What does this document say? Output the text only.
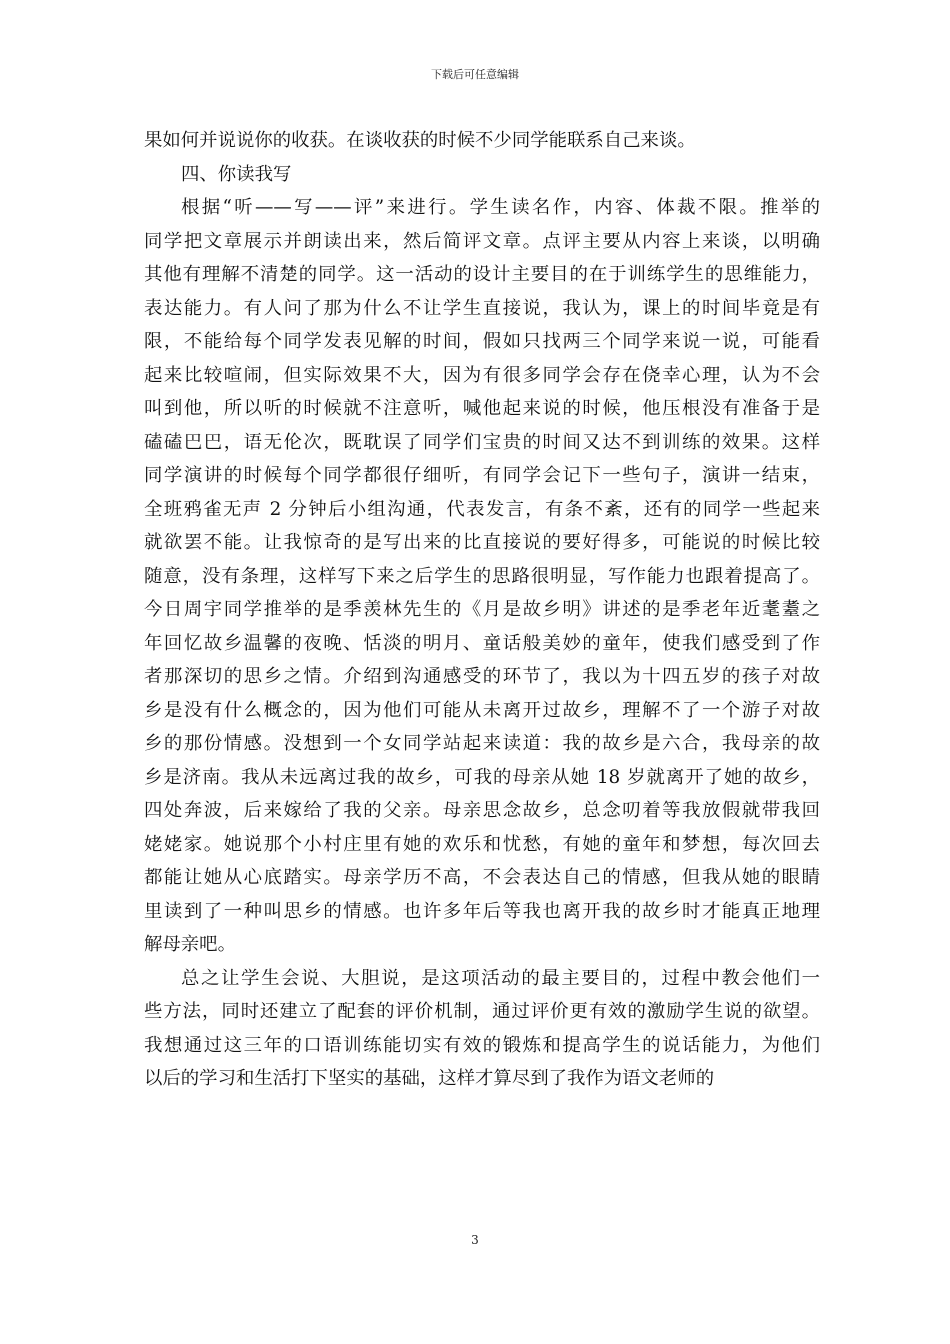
下载后可任意编辑
果如何并说说你的收获。在谈收获的时候不少同学能联系自己来谈。
四、你读我写
根据“听——写——评”来进行。学生读名作，内容、体裁不限。推举的
同学把文章展示并朗读出来，然后简评文章。点评主要从内容上来谈，以明确
其他有理解不清楚的同学。这一活动的设计主要目的在于训练学生的思维能力，
表达能力。有人问了那为什么不让学生直接说，我认为，课上的时间毕竟是有
限，不能给每个同学发表见解的时间，假如只找两三个同学来说一说，可能看
起来比较喧闹，但实际效果不大，因为有很多同学会存在侥幸心理，认为不会
叫到他，所以听的时候就不注意听，喊他起来说的时候，他压根没有准备于是
磕磕巴巴，语无伦次，既耽误了同学们宝贵的时间又达不到训练的效果。这样
同学演讲的时候每个同学都很仔细听，有同学会记下一些句子，演讲一结束，
全班鸦雀无声 2 分钟后小组沟通，代表发言，有条不紊，还有的同学一些起来
就欲罢不能。让我惊奇的是写出来的比直接说的要好得多，可能说的时候比较
随意，没有条理，这样写下来之后学生的思路很明显，写作能力也跟着提高了。
今日周宇同学推举的是季羡林先生的《月是故乡明》讲述的是季老年近耄耋之
年回忆故乡温馨的夜晚、恬淡的明月、童话般美妙的童年，使我们感受到了作
者那深切的思乡之情。介绍到沟通感受的环节了，我以为十四五岁的孩子对故
乡是没有什么概念的，因为他们可能从未离开过故乡，理解不了一个游子对故
乡的那份情感。没想到一个女同学站起来读道：我的故乡是六合，我母亲的故
乡是济南。我从未远离过我的故乡，可我的母亲从她 18 岁就离开了她的故乡，
四处奔波，后来嫁给了我的父亲。母亲思念故乡，总念叨着等我放假就带我回
姥姥家。她说那个小村庄里有她的欢乐和忧愁，有她的童年和梦想，每次回去
都能让她从心底踏实。母亲学历不高，不会表达自己的情感，但我从她的眼睛
里读到了一种叫思乡的情感。也许多年后等我也离开我的故乡时才能真正地理
解母亲吧。
总之让学生会说、大胆说，是这项活动的最主要目的，过程中教会他们一
些方法，同时还建立了配套的评价机制，通过评价更有效的激励学生说的欲望。
我想通过这三年的口语训练能切实有效的锻炼和提高学生的说话能力，为他们
以后的学习和生活打下坚实的基础，这样才算尽到了我作为语文老师的
3
